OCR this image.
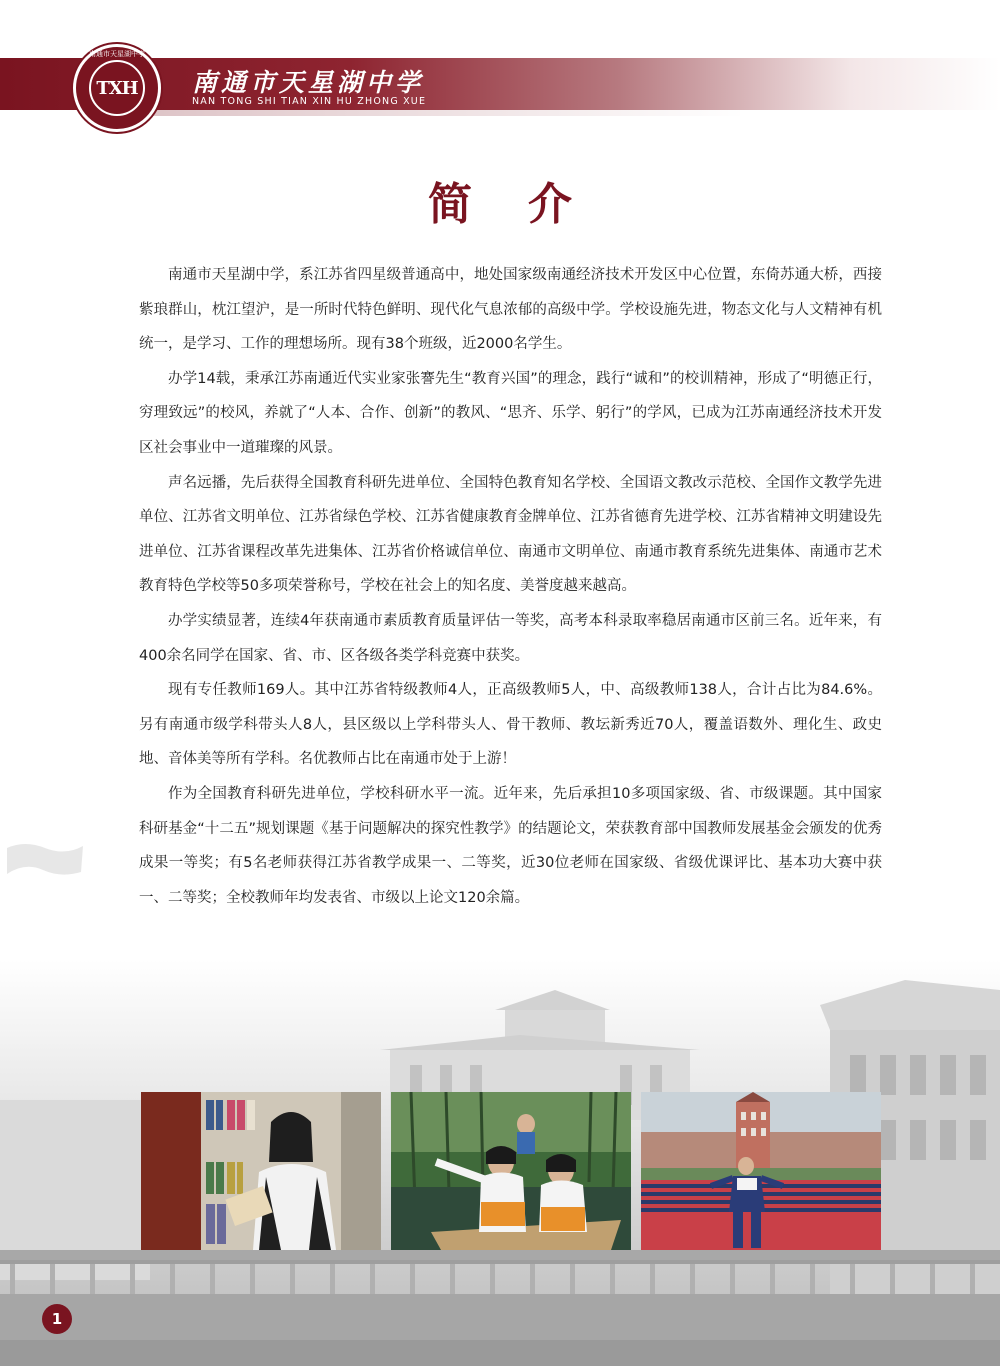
南通市天星湖中学
TXH	南通市天星湖中学
NAN TONG SHI TIAN XIN HU ZHONG XUE
简介

南通市天星湖中学，系江苏省四星级普通高中，地处国家级南通经济技术开发区中心位置，东倚苏通大桥，西接紫琅群山，枕江望沪，是一所时代特色鲜明、现代化气息浓郁的高级中学。学校设施先进，物态文化与人文精神有机统一，是学习、工作的理想场所。现有38个班级，近2000名学生。

办学14载，秉承江苏南通近代实业家张謇先生“教育兴国”的理念，践行“诚和”的校训精神，形成了“明德正行，穷理致远”的校风，养就了“人本、合作、创新”的教风、“思齐、乐学、躬行”的学风，已成为江苏南通经济技术开发区社会事业中一道璀璨的风景。

声名远播，先后获得全国教育科研先进单位、全国特色教育知名学校、全国语文教改示范校、全国作文教学先进单位、江苏省文明单位、江苏省绿色学校、江苏省健康教育金牌单位、江苏省德育先进学校、江苏省精神文明建设先进单位、江苏省课程改革先进集体、江苏省价格诚信单位、南通市文明单位、南通市教育系统先进集体、南通市艺术教育特色学校等50多项荣誉称号，学校在社会上的知名度、美誉度越来越高。

办学实绩显著，连续4年获南通市素质教育质量评估一等奖，高考本科录取率稳居南通市区前三名。近年来，有400余名同学在国家、省、市、区各级各类学科竞赛中获奖。

现有专任教师169人。其中江苏省特级教师4人，正高级教师5人，中、高级教师138人，合计占比为84.6%。另有南通市级学科带头人8人，县区级以上学科带头人、骨干教师、教坛新秀近70人，覆盖语数外、理化生、政史地、音体美等所有学科。名优教师占比在南通市处于上游！

作为全国教育科研先进单位，学校科研水平一流。近年来，先后承担10多项国家级、省、市级课题。其中国家科研基金“十二五”规划课题《基于问题解决的探究性教学》的结题论文，荣获教育部中国教师发展基金会颁发的优秀成果一等奖；有5名老师获得江苏省教学成果一、二等奖，近30位老师在国家级、省级优课评比、基本功大赛中获一、二等奖；全校教师年均发表省、市级以上论文120余篇。

1
